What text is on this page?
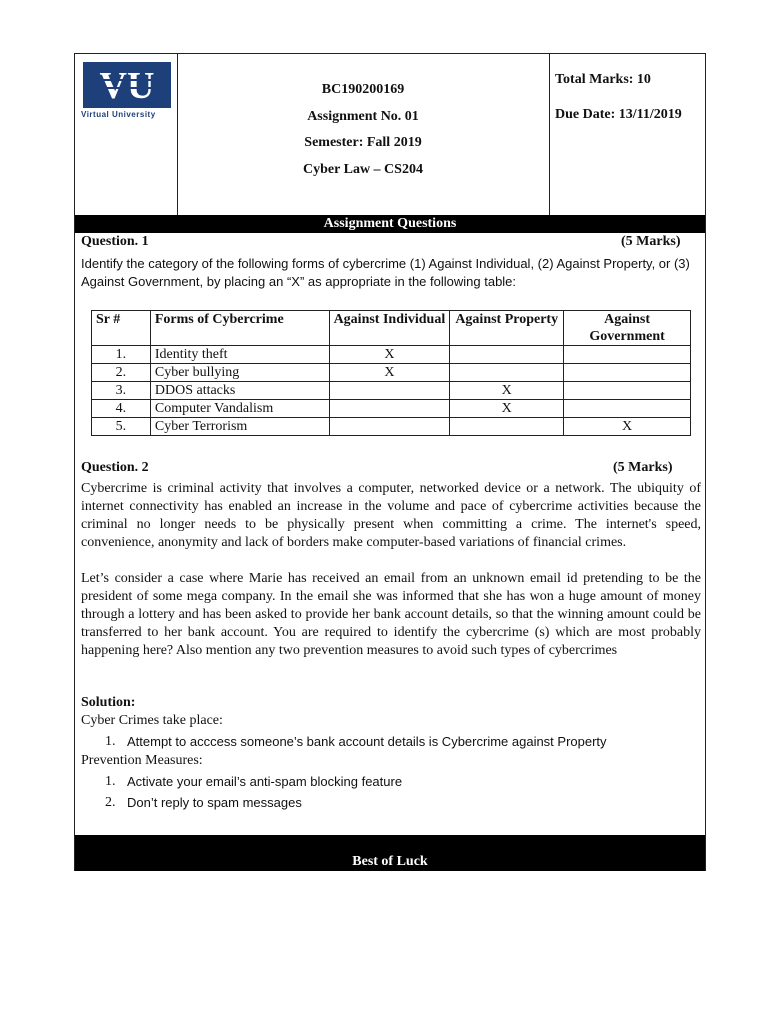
VU
Virtual University
BC190200169
Assignment No. 01
Semester: Fall 2019
Cyber Law – CS204
Total Marks: 10
Due Date: 13/11/2019
Assignment Questions
Question. 1	(5 Marks)
Identify the category of the following forms of cybercrime (1) Against Individual, (2) Against Property, or (3) Against Government, by placing an “X” as appropriate in the following table:
Sr #	Forms of Cybercrime	Against Individual	Against Property	Against Government
1.	Identity theft	X		
2.	Cyber bullying	X		
3.	DDOS attacks		X	
4.	Computer Vandalism		X	
5.	Cyber Terrorism			X
Question. 2	(5 Marks)
Cybercrime is criminal activity that involves a computer, networked device or a network. The ubiquity of internet connectivity has enabled an increase in the volume and pace of cybercrime activities because the criminal no longer needs to be physically present when committing a crime. The internet's speed, convenience, anonymity and lack of borders make computer-based variations of financial crimes.
Let’s consider a case where Marie has received an email from an unknown email id pretending to be the president of some mega company. In the email she was informed that she has won a huge amount of money through a lottery and has been asked to provide her bank account details, so that the winning amount could be transferred to her bank account. You are required to identify the cybercrime (s) which are most probably happening here? Also mention any two prevention measures to avoid such types of cybercrimes
Solution:
Cyber Crimes take place:
1. Attempt to acccess someone’s bank account details is Cybercrime against Property
Prevention Measures:
1. Activate your email’s anti-spam blocking feature
2. Don’t reply to spam messages
Best of Luck
